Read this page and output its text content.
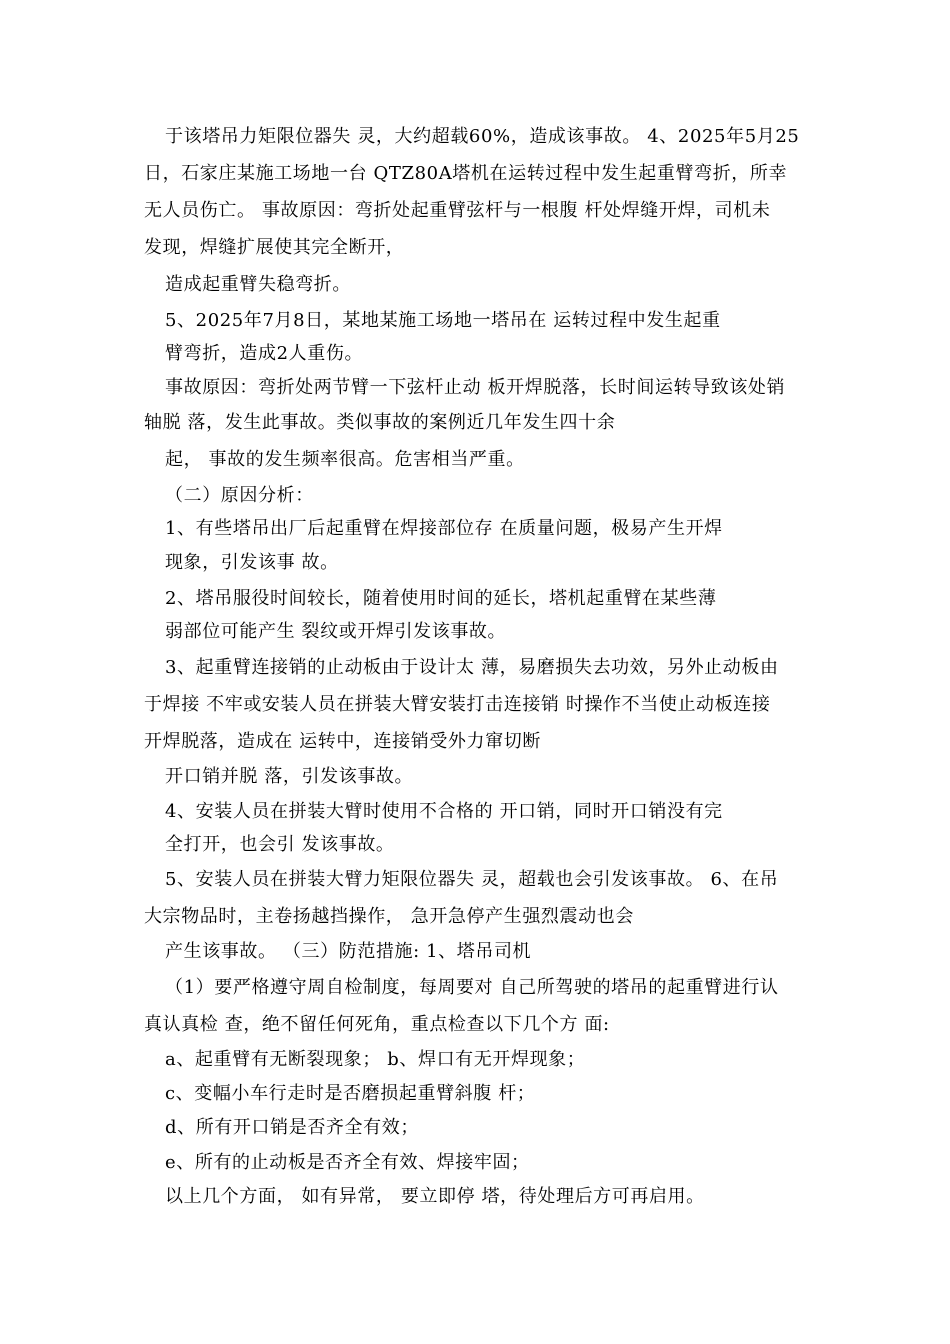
于该塔吊力矩限位器失 灵，大约超载60%，造成该事故。 4、2025年5月25
日，石家庄某施工场地一台 QTZ80A塔机在运转过程中发生起重臂弯折，所幸
无人员伤亡。 事故原因：弯折处起重臂弦杆与一根腹 杆处焊缝开焊，司机未
发现，焊缝扩展使其完全断开，
造成起重臂失稳弯折。
5、2025年7月8日，某地某施工场地一塔吊在 运转过程中发生起重
臂弯折，造成2人重伤。
事故原因：弯折处两节臂一下弦杆止动 板开焊脱落，长时间运转导致该处销
轴脱 落，发生此事故。类似事故的案例近几年发生四十余
起， 事故的发生频率很高。危害相当严重。
（二）原因分析：
1、有些塔吊出厂后起重臂在焊接部位存 在质量问题，极易产生开焊
现象，引发该事 故。
2、塔吊服役时间较长，随着使用时间的延长，塔机起重臂在某些薄
弱部位可能产生 裂纹或开焊引发该事故。
3、起重臂连接销的止动板由于设计太 薄，易磨损失去功效，另外止动板由
于焊接 不牢或安装人员在拼装大臂安装打击连接销 时操作不当使止动板连接
开焊脱落，造成在 运转中，连接销受外力窜切断
开口销并脱 落，引发该事故。
4、安装人员在拼装大臂时使用不合格的 开口销，同时开口销没有完
全打开，也会引 发该事故。
5、安装人员在拼装大臂力矩限位器失 灵，超载也会引发该事故。 6、在吊
大宗物品时，主卷扬越挡操作， 急开急停产生强烈震动也会
产生该事故。 （三）防范措施: 1、塔吊司机
（1）要严格遵守周自检制度，每周要对 自己所驾驶的塔吊的起重臂进行认
真认真检 查，绝不留任何死角，重点检查以下几个方 面:
a、起重臂有无断裂现象； b、焊口有无开焊现象；
c、变幅小车行走时是否磨损起重臂斜腹 杆；
d、所有开口销是否齐全有效；
e、所有的止动板是否齐全有效、焊接牢固；
以上几个方面， 如有异常， 要立即停 塔，待处理后方可再启用。
